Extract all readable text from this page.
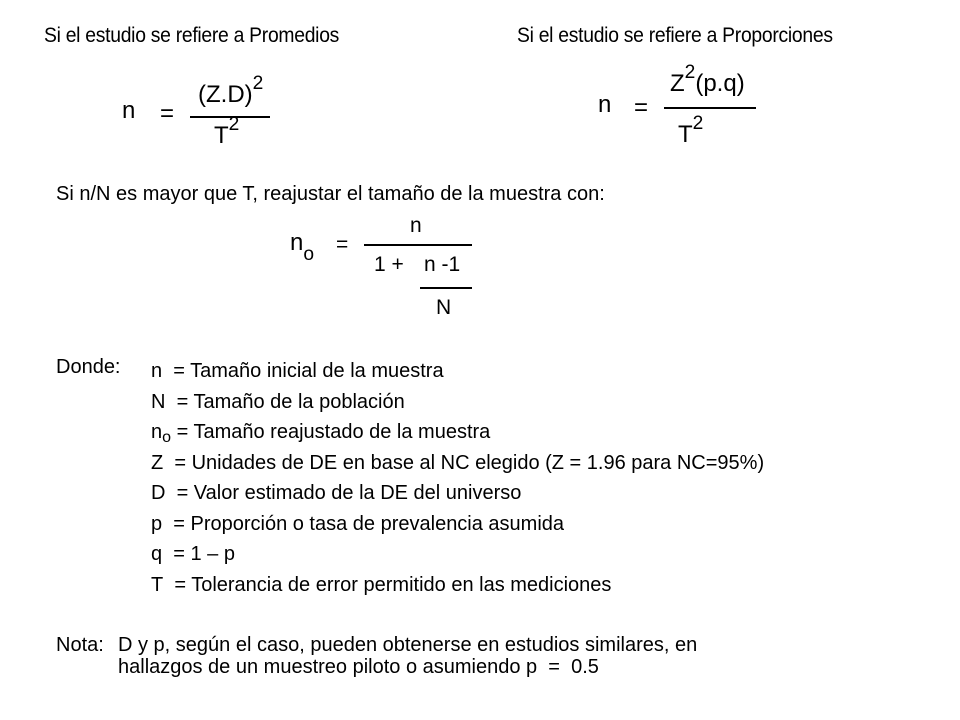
Si el estudio se refiere a Promedios	Si el estudio se refiere a Proporciones
n =
$(Z.D)^2$
$T^2$
n =
$Z^2(p.q)$
$T^2$
Si n/N es mayor que T, reajustar el tamaño de la muestra con:
$n_o$ =
n
1 + n -1
N
Donde: n = Tamaño inicial de la muestra
N = Tamaño de la población
$n_o$ = Tamaño reajustado de la muestra
Z = Unidades de DE en base al NC elegido (Z = 1.96 para NC=95%)
D = Valor estimado de la DE del universo
p = Proporción o tasa de prevalencia asumida
q = 1 – p
T = Tolerancia de error permitido en las mediciones
Nota: D y p, según el caso, pueden obtenerse en estudios similares, en
hallazgos de un muestreo piloto o asumiendo p  =  0.5
